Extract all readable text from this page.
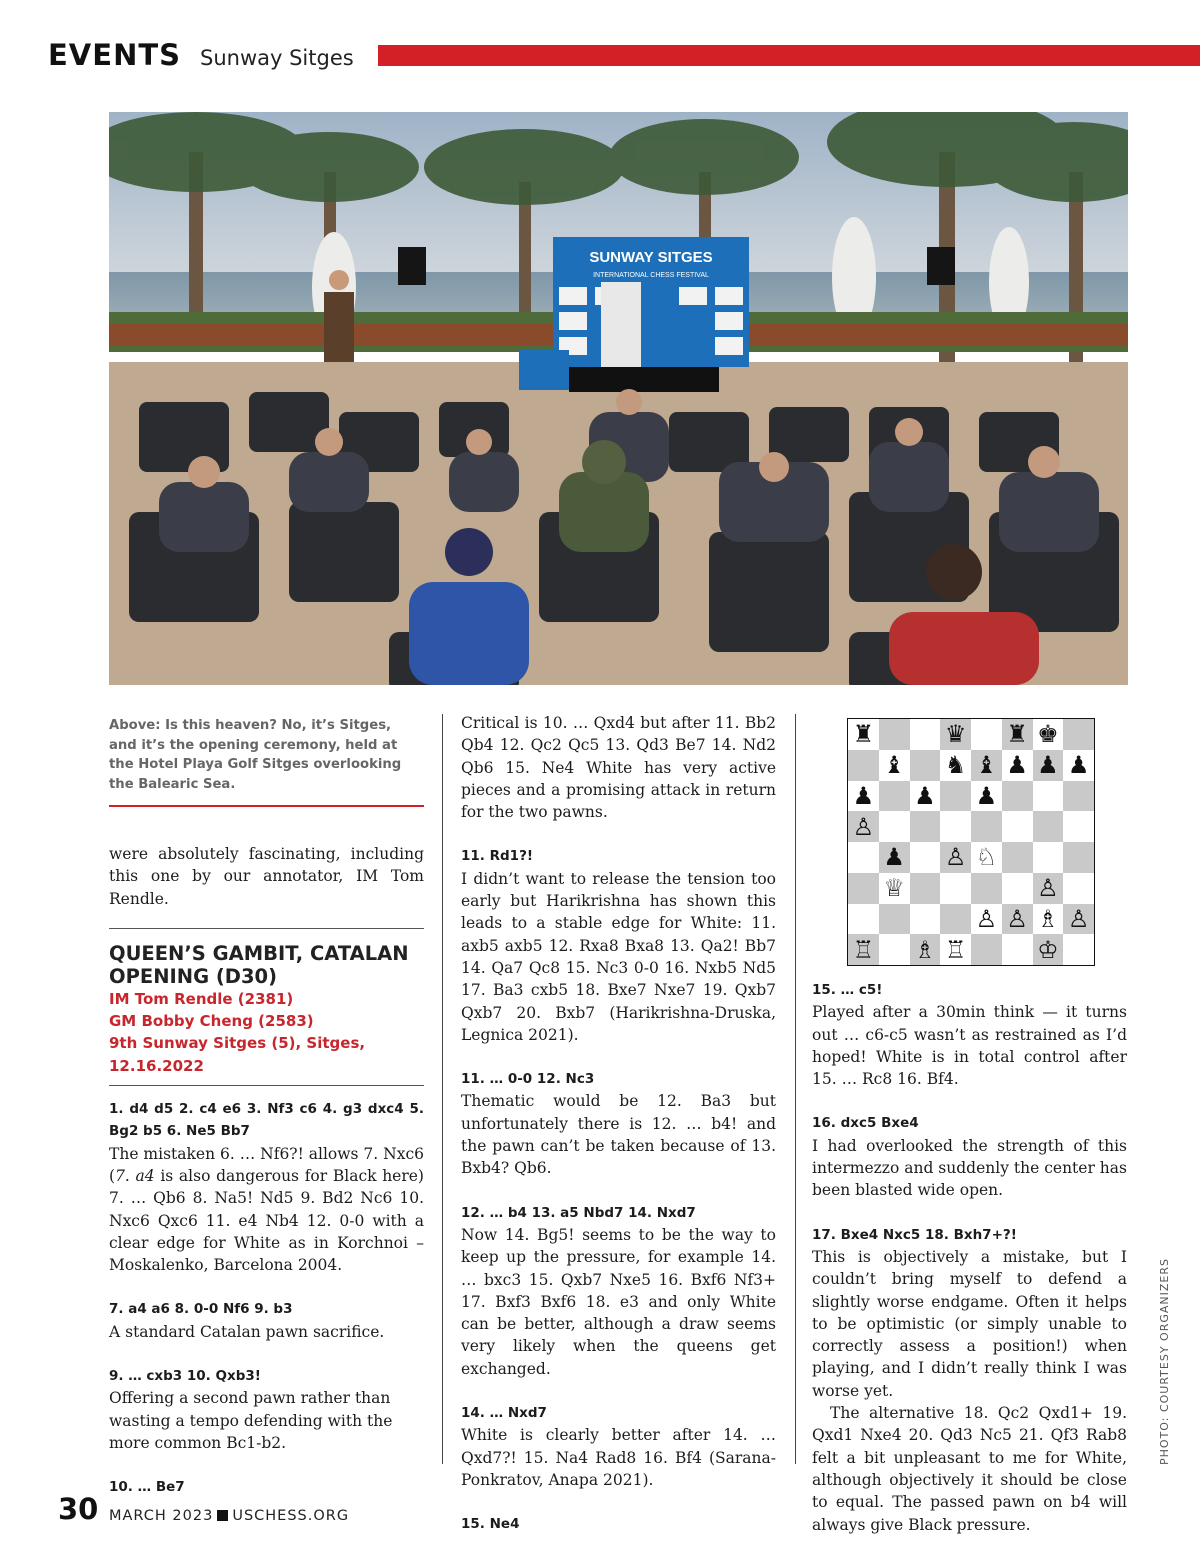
EVENTS Sunway Sitges
SUNWAY SITGES
INTERNATIONAL CHESS FESTIVAL
PHOTO: COURTESY ORGANIZERS
Above: Is this heaven? No, it’s Sitges, and it’s the opening ceremony, held at the Hotel Playa Golf Sitges overlooking the Balearic Sea.

were absolutely fascinating, including this one by our annotator, IM Tom Rendle.

QUEEN’S GAMBIT, CATALAN OPENING (D30)
IM Tom Rendle (2381)
GM Bobby Cheng (2583)
9th Sunway Sitges (5), Sitges,
12.16.2022

1. d4 d5 2. c4 e6 3. Nf3 c6 4. g3 dxc4 5. Bg2 b5 6. Ne5 Bb7

The mistaken 6. … Nf6?! allows 7. Nxc6 (7. a4 is also dangerous for Black here) 7. … Qb6 8. Na5! Nd5 9. Bd2 Nc6 10. Nxc6 Qxc6 11. e4 Nb4 12. 0-0 with a clear edge for White as in Korchnoi – Moskalenko, Barcelona 2004.

7. a4 a6 8. 0-0 Nf6 9. b3

A standard Catalan pawn sacrifice.

9. … cxb3 10. Qxb3!

Offering a second pawn rather than wasting a tempo defending with the more common Bc1-b2.

10. … Be7

Critical is 10. … Qxd4 but after 11. Bb2 Qb4 12. Qc2 Qc5 13. Qd3 Be7 14. Nd2 Qb6 15. Ne4 White has very active pieces and a promising attack in return for the two pawns.

11. Rd1?!

I didn’t want to release the tension too early but Harikrishna has shown this leads to a stable edge for White: 11. axb5 axb5 12. Rxa8 Bxa8 13. Qa2! Bb7 14. Qa7 Qc8 15. Nc3 0-0 16. Nxb5 Nd5 17. Ba3 cxb5 18. Bxe7 Nxe7 19. Qxb7 Qxb7 20. Bxb7 (Harikrishna-Druska, Legnica 2021).

11. … 0-0 12. Nc3

Thematic would be 12. Ba3 but unfortunately there is 12. … b4! and the pawn can’t be taken because of 13. Bxb4? Qb6.

12. … b4 13. a5 Nbd7 14. Nxd7

Now 14. Bg5! seems to be the way to keep up the pressure, for example 14. … bxc3 15. Qxb7 Nxe5 16. Bxf6 Nf3+ 17. Bxf3 Bxf6 18. e3 and only White can be better, although a draw seems very likely when the queens get exchanged.

14. … Nxd7

White is clearly better after 14. … Qxd7?! 15. Na4 Rad8 16. Bf4 (Sarana-Ponkratov, Anapa 2021).

15. Ne4

♜	♛ ♜ ♚
♝ ♞ ♝ ♟ ♟ ♟
♟ ♟ ♟
♙
♟ ♙ ♘
♕	♙
♙ ♙ ♗ ♙
♖ ♗ ♖	♔

15. … c5!

Played after a 30min think — it turns out … c6-c5 wasn’t as restrained as I’d hoped! White is in total control after 15. … Rc8 16. Bf4.

16. dxc5 Bxe4

I had overlooked the strength of this intermezzo and suddenly the center has been blasted wide open.

17. Bxe4 Nxc5 18. Bxh7+?!

This is objectively a mistake, but I couldn’t bring myself to defend a slightly worse endgame. Often it helps to be optimistic (or simply unable to correctly assess a position!) when playing, and I didn’t really think I was worse yet.

The alternative 18. Qc2 Qxd1+ 19. Qxd1 Nxe4 20. Qd3 Nc5 21. Qf3 Rab8 felt a bit unpleasant to me for White, although objectively it should be close to equal. The passed pawn on b4 will always give Black pressure.

30 MARCH 2023 USCHESS.ORG
